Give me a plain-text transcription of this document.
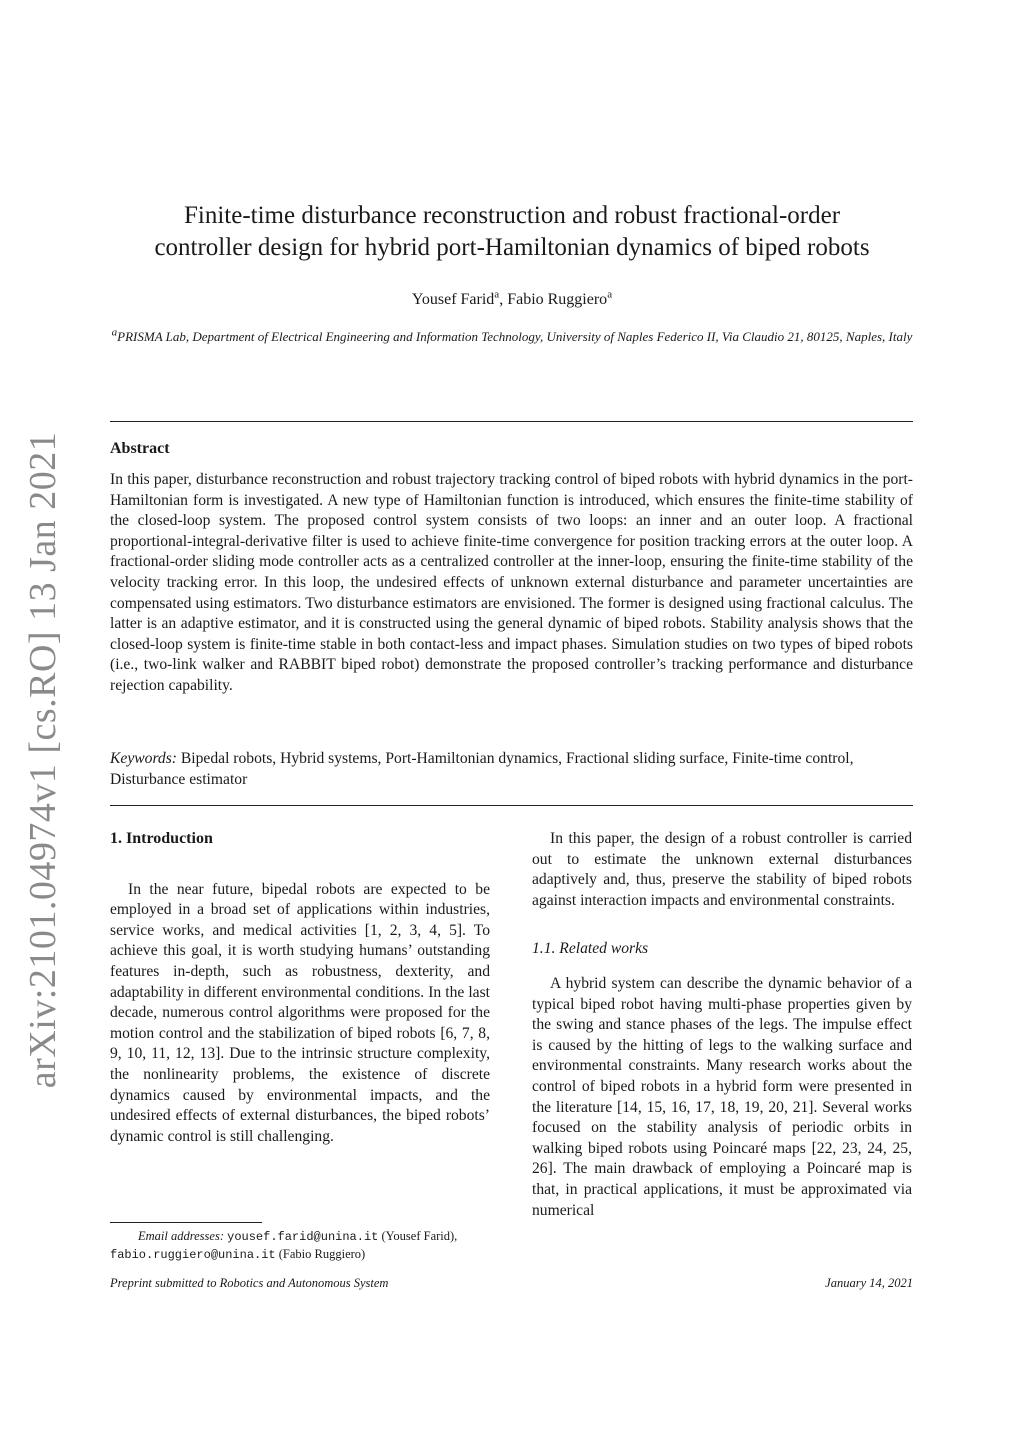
arXiv:2101.04974v1 [cs.RO] 13 Jan 2021
Finite-time disturbance reconstruction and robust fractional-order
controller design for hybrid port-Hamiltonian dynamics of biped robots
Yousef Farid$^a$, Fabio Ruggiero$^a$
$^a$PRISMA Lab, Department of Electrical Engineering and Information Technology, University of Naples Federico II, Via Claudio 21, 80125, Naples, Italy
Abstract
In this paper, disturbance reconstruction and robust trajectory tracking control of biped robots with hybrid dynamics in the port-Hamiltonian form is investigated. A new type of Hamiltonian function is introduced, which ensures the finite-time stability of the closed-loop system. The proposed control system consists of two loops: an inner and an outer loop. A fractional proportional-integral-derivative filter is used to achieve finite-time convergence for position tracking errors at the outer loop. A fractional-order sliding mode controller acts as a centralized controller at the inner-loop, ensuring the finite-time stability of the velocity tracking error. In this loop, the undesired effects of unknown external disturbance and parameter uncertainties are compensated using estimators. Two disturbance estimators are envisioned. The former is designed using fractional calculus. The latter is an adaptive estimator, and it is constructed using the general dynamic of biped robots. Stability analysis shows that the closed-loop system is finite-time stable in both contact-less and impact phases. Simulation studies on two types of biped robots (i.e., two-link walker and RABBIT biped robot) demonstrate the proposed controller’s tracking performance and disturbance rejection capability.
Keywords: Bipedal robots, Hybrid systems, Port-Hamiltonian dynamics, Fractional sliding surface, Finite-time control, Disturbance estimator
1. Introduction

In the near future, bipedal robots are expected to be employed in a broad set of applications within industries, service works, and medical activities [1, 2, 3, 4, 5]. To achieve this goal, it is worth studying humans’ outstanding features in-depth, such as robustness, dexterity, and adaptability in different environmental conditions. In the last decade, numerous control algorithms were proposed for the motion control and the stabilization of biped robots [6, 7, 8, 9, 10, 11, 12, 13]. Due to the intrinsic structure complexity, the nonlinearity problems, the existence of discrete dynamics caused by environmental impacts, and the undesired effects of external disturbances, the biped robots’ dynamic control is still challenging.

In this paper, the design of a robust controller is carried out to estimate the unknown external disturbances adaptively and, thus, preserve the stability of biped robots against interaction impacts and environmental constraints.

1.1. Related works

A hybrid system can describe the dynamic behavior of a typical biped robot having multi-phase properties given by the swing and stance phases of the legs. The impulse effect is caused by the hitting of legs to the walking surface and environmental constraints. Many research works about the control of biped robots in a hybrid form were presented in the literature [14, 15, 16, 17, 18, 19, 20, 21]. Several works focused on the stability analysis of periodic orbits in walking biped robots using Poincaré maps [22, 23, 24, 25, 26]. The main drawback of employing a Poincaré map is that, in practical applications, it must be approximated via numerical

Email addresses: yousef.farid@unina.it (Yousef Farid), fabio.ruggiero@unina.it (Fabio Ruggiero)
Preprint submitted to Robotics and Autonomous System	January 14, 2021
